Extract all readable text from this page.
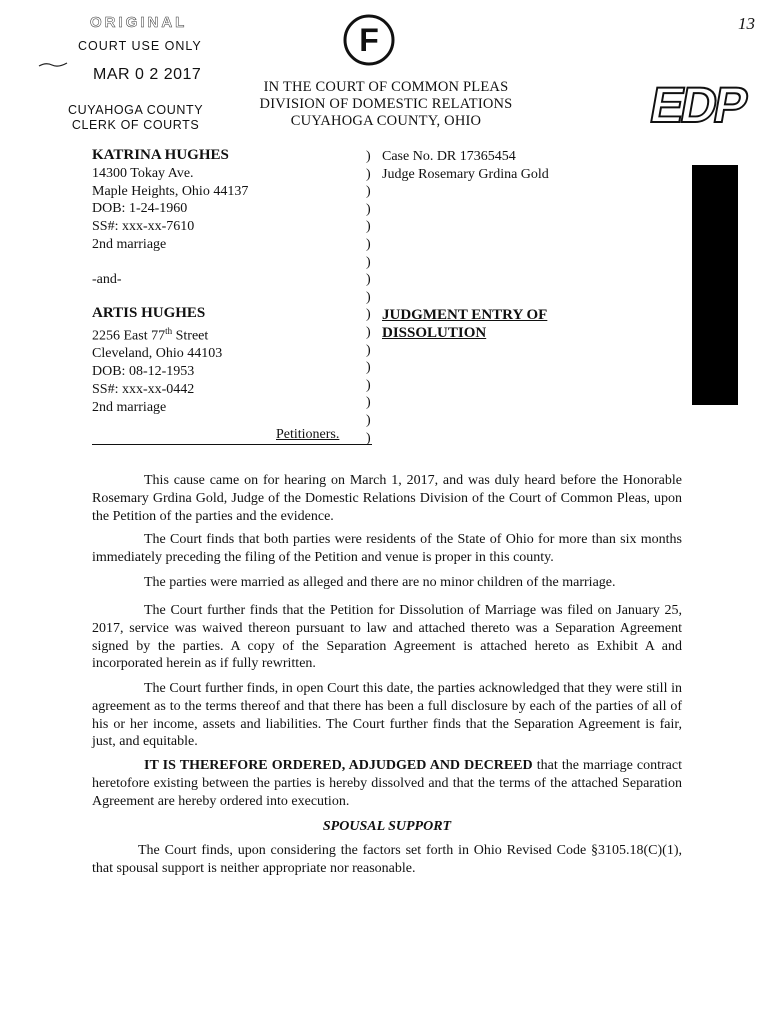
13
ORIGINAL
COURT USE ONLY
MAR 0 2 2017
CUYAHOGA COUNTY
CLERK OF COURTS
F
IN THE COURT OF COMMON PLEAS
DIVISION OF DOMESTIC RELATIONS
CUYAHOGA COUNTY, OHIO	EDP
KATRINA HUGHES
14300 Tokay Ave.
Maple Heights, Ohio 44137
DOB: 1-24-1960
SS#: xxx-xx-7610
2nd marriage
-and-
ARTIS HUGHES
2256 East 77th Street
Cleveland, Ohio 44103
DOB: 08-12-1953
SS#: xxx-xx-0442
2nd marriage
)
)
)
)
)
)
)
)
)
)
)
)
)
)
)
)
)
Case No. DR 17365454
Judge Rosemary Grdina Gold
JUDGMENT ENTRY OF
DISSOLUTION
Petitioners.
This cause came on for hearing on March 1, 2017, and was duly heard before the Honorable Rosemary Grdina Gold, Judge of the Domestic Relations Division of the Court of Common Pleas, upon the Petition of the parties and the evidence.
The Court finds that both parties were residents of the State of Ohio for more than six months immediately preceding the filing of the Petition and venue is proper in this county.
The parties were married as alleged and there are no minor children of the marriage.
The Court further finds that the Petition for Dissolution of Marriage was filed on January 25, 2017, service was waived thereon pursuant to law and attached thereto was a Separation Agreement signed by the parties. A copy of the Separation Agreement is attached hereto as Exhibit A and incorporated herein as if fully rewritten.
The Court further finds, in open Court this date, the parties acknowledged that they were still in agreement as to the terms thereof and that there has been a full disclosure by each of the parties of all of his or her income, assets and liabilities. The Court further finds that the Separation Agreement is fair, just, and equitable.
IT IS THEREFORE ORDERED, ADJUDGED AND DECREED that the marriage contract heretofore existing between the parties is hereby dissolved and that the terms of the attached Separation Agreement are hereby ordered into execution.
SPOUSAL SUPPORT
The Court finds, upon considering the factors set forth in Ohio Revised Code §3105.18(C)(1), that spousal support is neither appropriate nor reasonable.
